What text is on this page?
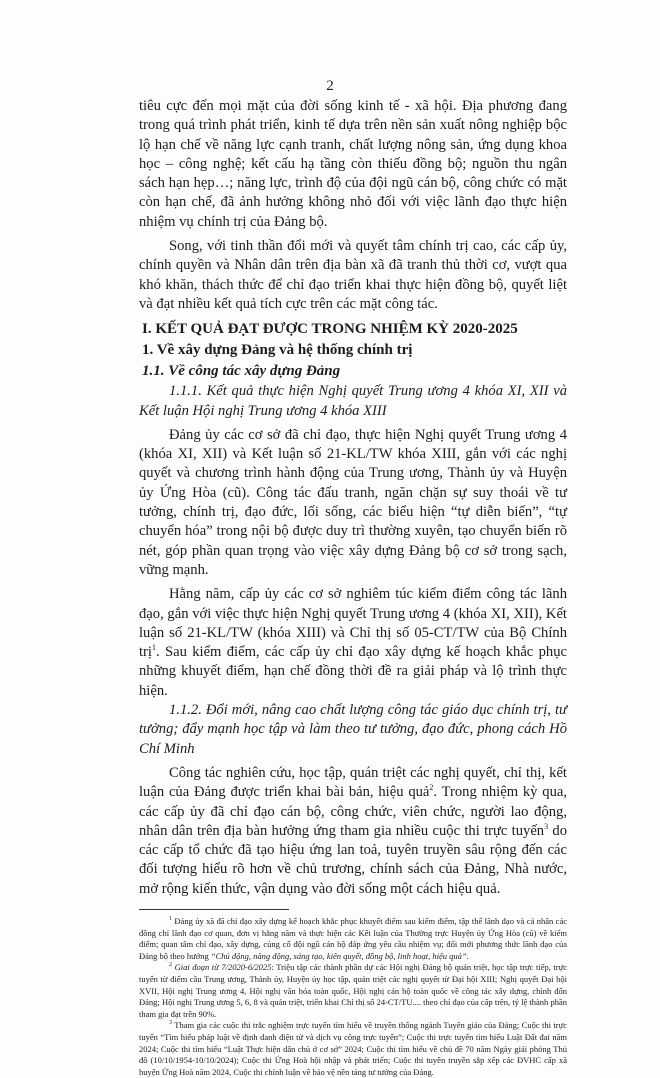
2

tiêu cực đến mọi mặt của đời sống kinh tế - xã hội. Địa phương đang trong quá trình phát triển, kinh tế dựa trên nền sản xuất nông nghiệp bộc lộ hạn chế về năng lực cạnh tranh, chất lượng nông sản, ứng dụng khoa học – công nghệ; kết cấu hạ tầng còn thiếu đồng bộ; nguồn thu ngân sách hạn hẹp…; năng lực, trình độ của đội ngũ cán bộ, công chức có mặt còn hạn chế, đã ảnh hưởng không nhỏ đối với việc lãnh đạo thực hiện nhiệm vụ chính trị của Đảng bộ.

Song, với tinh thần đổi mới và quyết tâm chính trị cao, các cấp ủy, chính quyền và Nhân dân trên địa bàn xã đã tranh thủ thời cơ, vượt qua khó khăn, thách thức để chỉ đạo triển khai thực hiện đồng bộ, quyết liệt và đạt nhiều kết quả tích cực trên các mặt công tác.

I. KẾT QUẢ ĐẠT ĐƯỢC TRONG NHIỆM KỲ 2020-2025

1. Về xây dựng Đảng và hệ thống chính trị

1.1. Về công tác xây dựng Đảng

1.1.1. Kết quả thực hiện Nghị quyết Trung ương 4 khóa XI, XII và Kết luận Hội nghị Trung ương 4 khóa XIII

Đảng ủy các cơ sở đã chỉ đạo, thực hiện Nghị quyết Trung ương 4 (khóa XI, XII) và Kết luận số 21-KL/TW khóa XIII, gắn với các nghị quyết và chương trình hành động của Trung ương, Thành ủy và Huyện ủy Ứng Hòa (cũ). Công tác đấu tranh, ngăn chặn sự suy thoái về tư tưởng, chính trị, đạo đức, lối sống, các biểu hiện “tự diễn biến”, “tự chuyển hóa” trong nội bộ được duy trì thường xuyên, tạo chuyển biến rõ nét, góp phần quan trọng vào việc xây dựng Đảng bộ cơ sở trong sạch, vững mạnh.

Hằng năm, cấp ủy các cơ sở nghiêm túc kiểm điểm công tác lãnh đạo, gắn với việc thực hiện Nghị quyết Trung ương 4 (khóa XI, XII), Kết luận số 21-KL/TW (khóa XIII) và Chỉ thị số 05-CT/TW của Bộ Chính trị$^1$. Sau kiểm điểm, các cấp ủy chỉ đạo xây dựng kế hoạch khắc phục những khuyết điểm, hạn chế đồng thời đề ra giải pháp và lộ trình thực hiện.

1.1.2. Đổi mới, nâng cao chất lượng công tác giáo dục chính trị, tư tưởng; đẩy mạnh học tập và làm theo tư tưởng, đạo đức, phong cách Hồ Chí Minh

Công tác nghiên cứu, học tập, quán triệt các nghị quyết, chỉ thị, kết luận của Đảng được triển khai bài bản, hiệu quả$^2$. Trong nhiệm kỳ qua, các cấp ủy đã chỉ đạo cán bộ, công chức, viên chức, người lao động, nhân dân trên địa bàn hưởng ứng tham gia nhiều cuộc thi trực tuyến$^3$ do các cấp tổ chức đã tạo hiệu ứng lan toả, tuyên truyền sâu rộng đến các đối tượng hiểu rõ hơn về chủ trương, chính sách của Đảng, Nhà nước, mở rộng kiến thức, vận dụng vào đời sống một cách hiệu quả.

$^1$ Đảng ủy xã đã chỉ đạo xây dựng kế hoạch khắc phục khuyết điểm sau kiểm điểm, tập thể lãnh đạo và cá nhân các đồng chí lãnh đạo cơ quan, đơn vị hằng năm và thực hiện các Kết luận của Thường trực Huyện ủy Ứng Hòa (cũ) về kiểm điểm; quan tâm chỉ đạo, xây dựng, củng cố đội ngũ cán bộ đáp ứng yêu cầu nhiệm vụ; đổi mới phương thức lãnh đạo của Đảng bộ theo hướng “Chủ động, năng động, sáng tạo, kiên quyết, đồng bộ, linh hoạt, hiệu quả”.

$^2$ Giai đoạn từ 7/2020-6/2025: Triệu tập các thành phần dự các Hội nghị Đảng bộ quán triệt, học tập trực tiếp, trực tuyến từ điểm cầu Trung ương, Thành ủy, Huyện ủy học tập, quán triệt các nghị quyết từ Đại hội XIII; Nghị quyết Đại hội XVII, Hội nghị Trung ương 4, Hội nghị văn hóa toàn quốc, Hội nghị cán bộ toàn quốc về công tác xây dựng, chỉnh đốn Đảng; Hội nghị Trung ương 5, 6, 8 và quán triệt, triển khai Chỉ thị số 24-CT/TU.... theo chỉ đạo của cấp trên, tỷ lệ thành phần tham gia đạt trên 90%.

$^3$ Tham gia các cuộc thi trắc nghiệm trực tuyến tìm hiểu về truyền thống ngành Tuyên giáo của Đảng; Cuộc thi trực tuyến “Tìm hiểu pháp luật về định danh điện tử và dịch vụ công trực tuyến”; Cuộc thi trực tuyến tìm hiểu Luật Đất đai năm 2024; Cuộc thi tìm hiểu “Luật Thực hiện dân chủ ở cơ sở” 2024; Cuộc thi tìm hiểu về chủ đề 70 năm Ngày giải phóng Thủ đô (10/10/1954-10/10/2024); Cuộc thi Ứng Hoà hội nhập và phát triển; Cuộc thi tuyên truyền sắp xếp các ĐVHC cấp xã huyện Ứng Hoà năm 2024, Cuộc thi chính luận về bảo vệ nền tảng tư tưởng của Đảng.
